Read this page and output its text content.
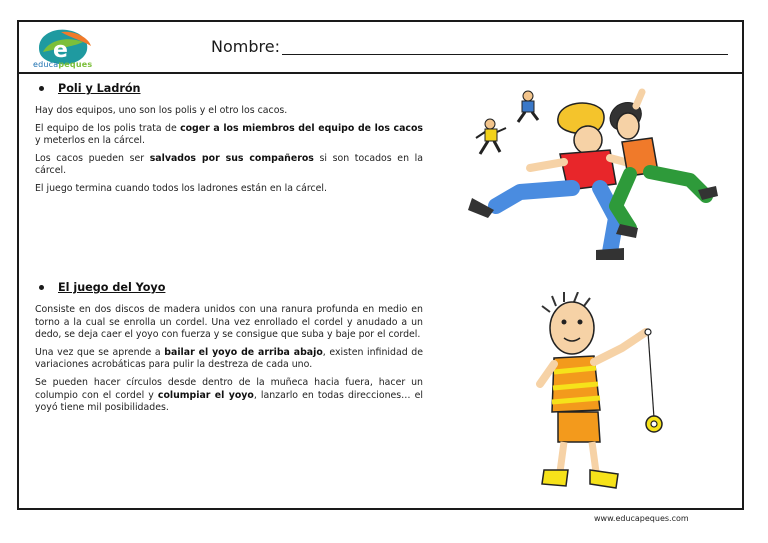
e
educapeques
Nombre:
Poli y Ladrón

Hay dos equipos, uno son los polis y el otro los cacos.

El equipo de los polis trata de coger a los miembros del equipo de los cacos y meterlos en la cárcel.

Los cacos pueden ser salvados por sus compañeros si son tocados en la cárcel.

El juego termina cuando todos los ladrones están en la cárcel.

El juego del Yoyo

Consiste en dos discos de madera unidos con una ranura profunda en medio en torno a la cual se enrolla un cordel. Una vez enrollado el cordel y anudado a un dedo, se deja caer el yoyo con fuerza y se consigue que suba y baje por el cordel.

Una vez que se aprende a bailar el yoyo de arriba abajo, existen infinidad de variaciones acrobáticas para pulir la destreza de cada uno.

Se pueden hacer círculos desde dentro de la muñeca hacia fuera, hacer un columpio con el cordel y columpiar el yoyo, lanzarlo en todas direcciones… el yoyó tiene mil posibilidades.

www.educapeques.com
